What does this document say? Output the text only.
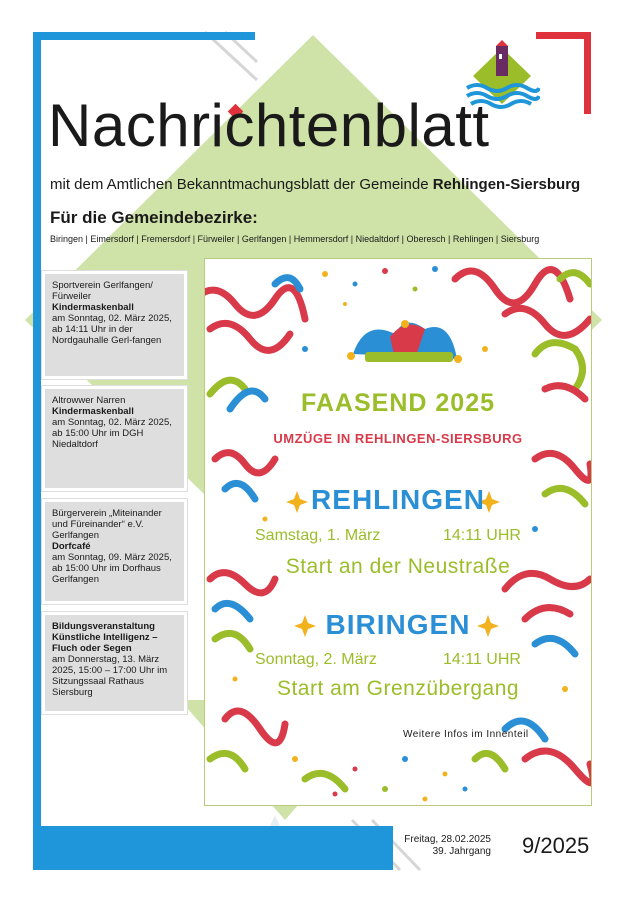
Nachrichtenblatt
mit dem Amtlichen Bekanntmachungsblatt der Gemeinde Rehlingen-Siersburg
Für die Gemeindebezirke:
Biringen | Eimersdorf | Fremersdorf | Fürweiler | Gerlfangen | Hemmersdorf | Niedaltdorf | Oberesch | Rehlingen | Siersburg
Sportverein Gerlfangen/ Fürweiler
Kindermaskenball
am Sonntag, 02. März 2025, ab 14:11 Uhr in der Nordgauhalle Gerl-fangen
Altrowwer Narren
Kindermaskenball
am Sonntag, 02. März 2025, ab 15:00 Uhr im DGH Niedaltdorf
Bürgerverein „Miteinander und Füreinander“ e.V. Gerlfangen
Dorfcafé
am Sonntag, 09. März 2025, ab 15:00 Uhr im Dorfhaus Gerlfangen
Bildungsveranstaltung Künstliche Intelligenz – Fluch oder Segen
am Donnerstag, 13. März 2025, 15:00 – 17:00 Uhr im Sitzungssaal Rathaus Siersburg
FAASEND 2025
UMZÜGE IN REHLINGEN-SIERSBURG
REHLINGEN
Samstag, 1. März	14:11 UHR
Start an der Neustraße
BIRINGEN
Sonntag, 2. März	14:11 UHR
Start am Grenzübergang
Weitere Infos im Innenteil
Freitag, 28.02.2025
39. Jahrgang 9/2025
